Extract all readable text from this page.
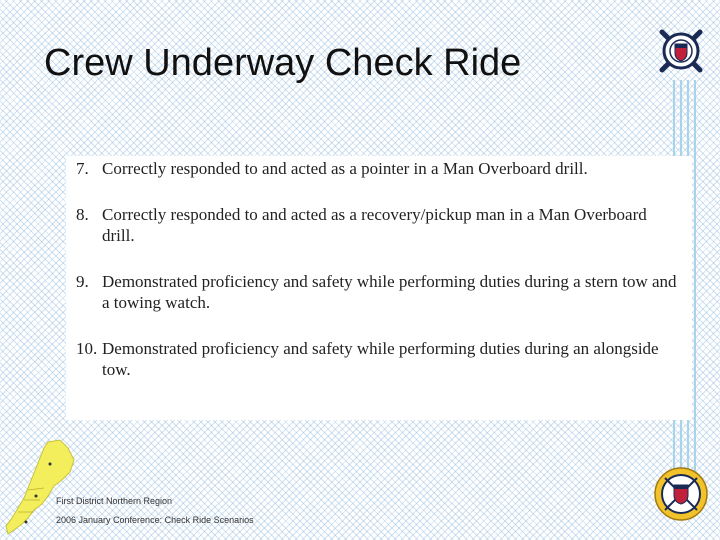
Crew Underway Check Ride
7. Correctly responded to and acted as a pointer in a Man Overboard drill.
8. Correctly responded to and acted as a recovery/pickup man in a Man Overboard drill.
9. Demonstrated proficiency and safety while performing duties during a stern tow and a towing watch.
10. Demonstrated proficiency and safety while performing duties during an alongside tow.
First District Northern Region
2006 January Conference: Check Ride Scenarios
